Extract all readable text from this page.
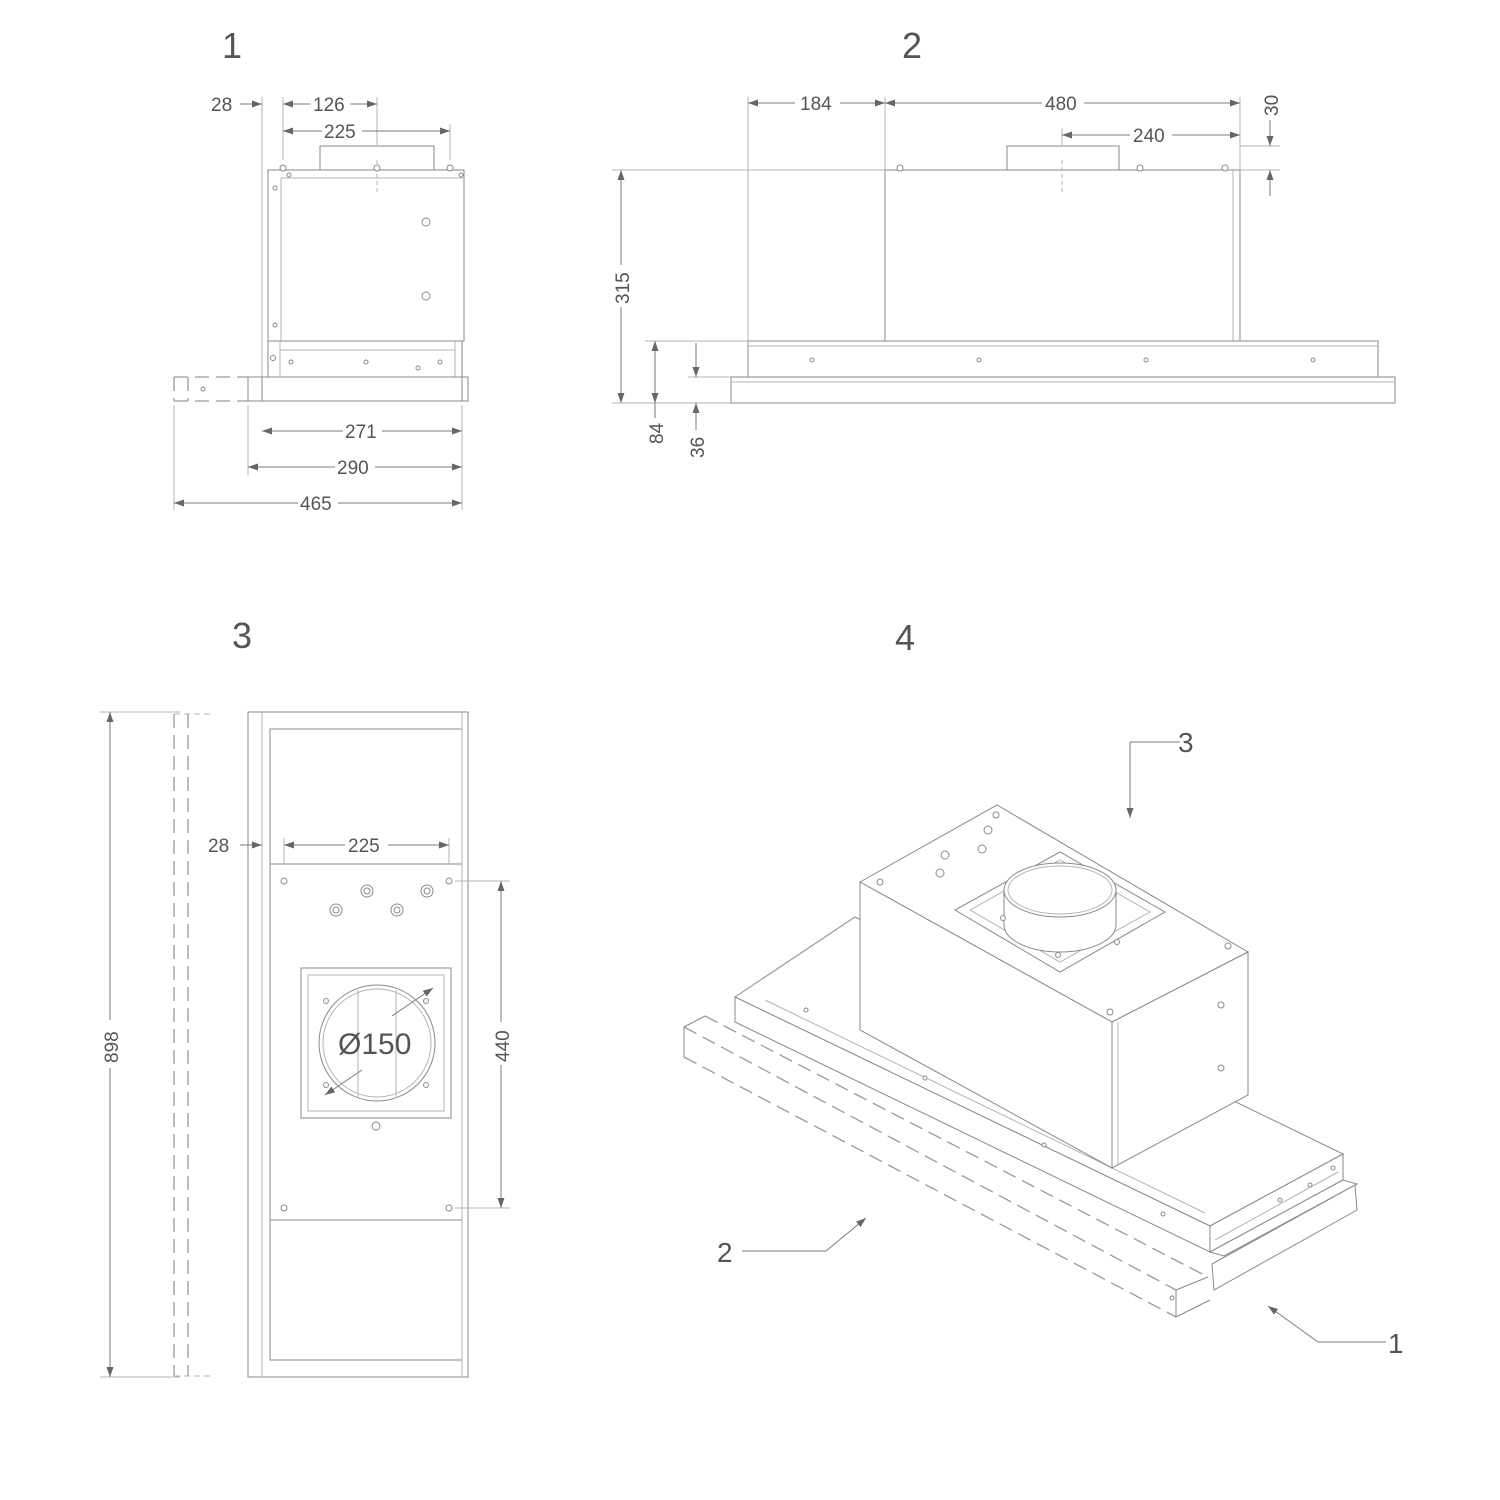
1
28	126
225
271
290
465
2
184	480
240
30
315
84
36
3
Ø150
898
28	225
440
4
3
2
1
